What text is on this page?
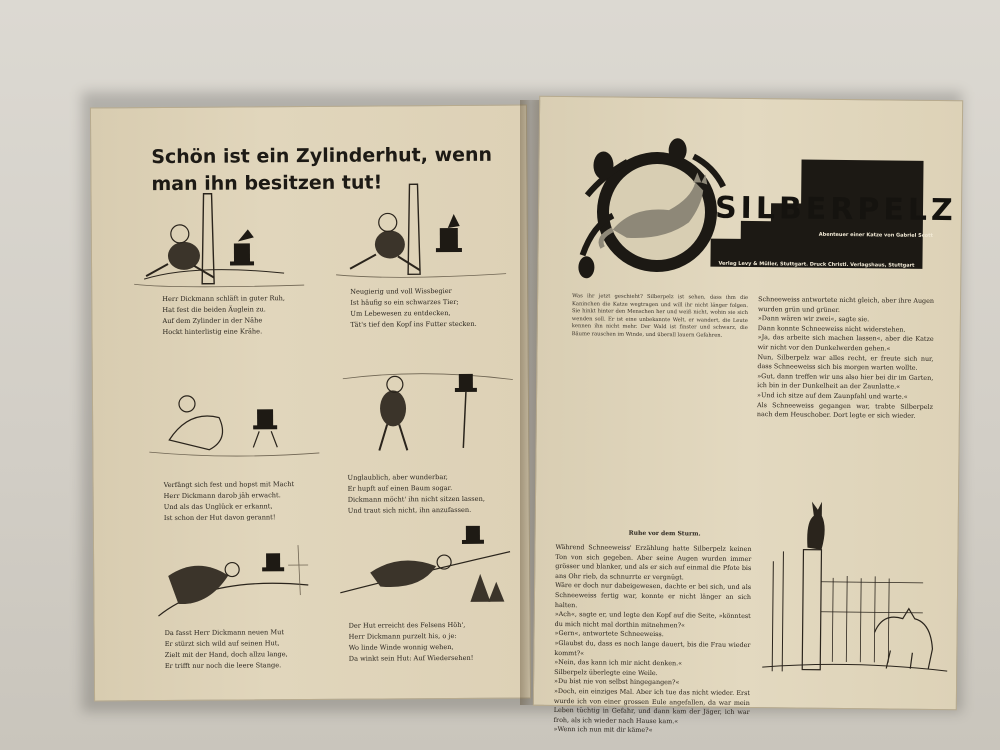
Schön ist ein Zylinderhut, wenn man ihn besitzen tut!
Herr Dickmann schläft in guter Ruh,
Hat fest die beiden Äuglein zu.
Auf dem Zylinder in der Nähe
Hockt hinterlistig eine Krähe.
Neugierig und voll Wissbegier
Ist häufig so ein schwarzes Tier;
Um Lebewesen zu entdecken,
Tät's tief den Kopf ins Futter stecken.
Verfängt sich fest und hopst mit Macht
Herr Dickmann darob jäh erwacht.
Und als das Unglück er erkannt,
Ist schon der Hut davon gerannt!
Unglaublich, aber wunderbar,
Er hupft auf einen Baum sogar.
Dickmann möcht' ihn nicht sitzen lassen,
Und traut sich nicht, ihn anzufassen.
Da fasst Herr Dickmann neuen Mut
Er stürzt sich wild auf seinen Hut,
Zielt mit der Hand, doch allzu lange,
Er trifft nur noch die leere Stange.
Der Hut erreicht des Felsens Höh',
Herr Dickmann purzelt his, o je:
Wo linde Winde wonnig wehen,
Da winkt sein Hut: Auf Wiedersehen!
SILBERPELZ
Abenteuer einer Katze von Gabriel Scott
Verlag Levy & Müller, Stuttgart. Druck Christl. Verlagshaus, Stuttgart

Was ihr jetzt geschieht? Silberpelz ist sehen, dass ihm die Kaninchen die Katze wegtragen und will ihr nicht länger folgen. Sie hinkt hinter den Menschen her und weiß nicht, wohin sie sich wenden soll. Er ist eine unbekannte Welt, er wandert, die Leute kennen ihn nicht mehr. Der Wald ist finster und schwarz, die Bäume rauschen im Winde, und überall lauern Gefahren.

Schneeweiss antwortete nicht gleich, aber ihre Augen wurden grün und grüner.

»Dann wären wir zwei«, sagte sie.

Dann konnte Schneeweiss nicht widerstehen.

»Ja, das arbeite sich machen lassen«, aber die Katze wir nicht vor den Dunkelwerden gehen.«

Nun, Silberpelz war alles recht, er freute sich nur, dass Schneeweiss sich bis morgen warten wollte.

»Gut, dann treffen wir uns also hier bei dir im Garten, ich bin in der Dunkelheit an der Zaunlatte.«

»Und ich sitze auf dem Zaunpfahl und warte.«

Als Schneeweiss gegangen war, trabte Silberpelz nach dem Heuschober. Dort legte er sich wieder.

Ruhe vor dem Sturm.

Während Schneeweiss' Erzählung hatte Silberpelz keinen Ton von sich gegeben. Aber seine Augen wurden immer grösser und blanker, und als er sich auf einmal die Pfote bis ans Ohr rieb, da schnurrte er vergnügt.

Wäre er doch nur dabeigewesen, dachte er bei sich, und als Schneeweiss fertig war, konnte er nicht länger an sich halten.

»Ach«, sagte er, und legte den Kopf auf die Seite, »könntest du mich nicht mal dorthin mitnehmen?«

»Gern«, antwortete Schneeweiss.

»Glaubst du, dass es noch lange dauert, bis die Frau wieder kommt?«

»Nein, das kann ich mir nicht denken.«

Silberpelz überlegte eine Weile.

»Du bist nie von selbst hingegangen?«

»Doch, ein einziges Mal. Aber ich tue das nicht wieder. Erst wurde ich von einer grossen Eule angefallen, da war mein Leben tüchtig in Gefahr, und dann kam der Jäger, ich war froh, als ich wieder nach Hause kam.«

»Wenn ich nun mit dir käme?«
